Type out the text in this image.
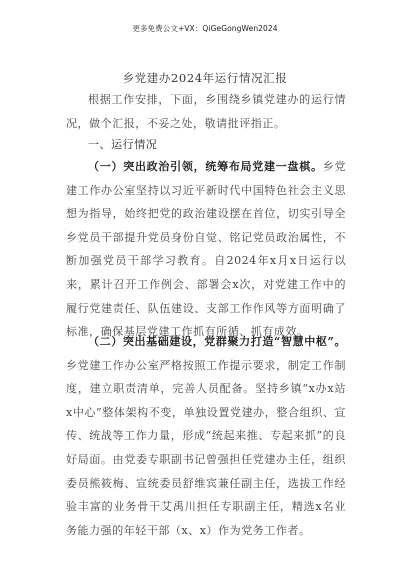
更多免费公文+VX：QiGeGongWen2024
乡党建办2024年运行情况汇报

根据工作安排，下面，乡围绕乡镇党建办的运行情况，做个汇报，不妥之处，敬请批评指正。

一、运行情况

（一）突出政治引领，统筹布局党建一盘棋。乡党建工作办公室坚持以习近平新时代中国特色社会主义思想为指导，始终把党的政治建设摆在首位，切实引导全乡党员干部提升党员身份自觉、铭记党员政治属性，不断加强党员干部学习教育。自2024年x月x日运行以来，累计召开工作例会、部署会x次，对党建工作中的履行党建责任、队伍建设、支部工作作风等方面明确了标准，确保基层党建工作抓有所循、抓有成效。

（二）突出基础建设，党群聚力打造“智慧中枢”。乡党建工作办公室严格按照工作提示要求，制定工作制度，建立职责清单，完善人员配备。坚持乡镇“x办x站x中心”整体架构不变，单独设置党建办，整合组织、宣传、统战等工作力量，形成“统起来推、专起来抓”的良好局面。由党委专职副书记曾强担任党建办主任，组织委员熊筱梅、宣统委员舒维宾兼任副主任，选拔工作经验丰富的业务骨干艾禹川担任专职副主任，精选x名业务能力强的年轻干部（x、x）作为党务工作者。
